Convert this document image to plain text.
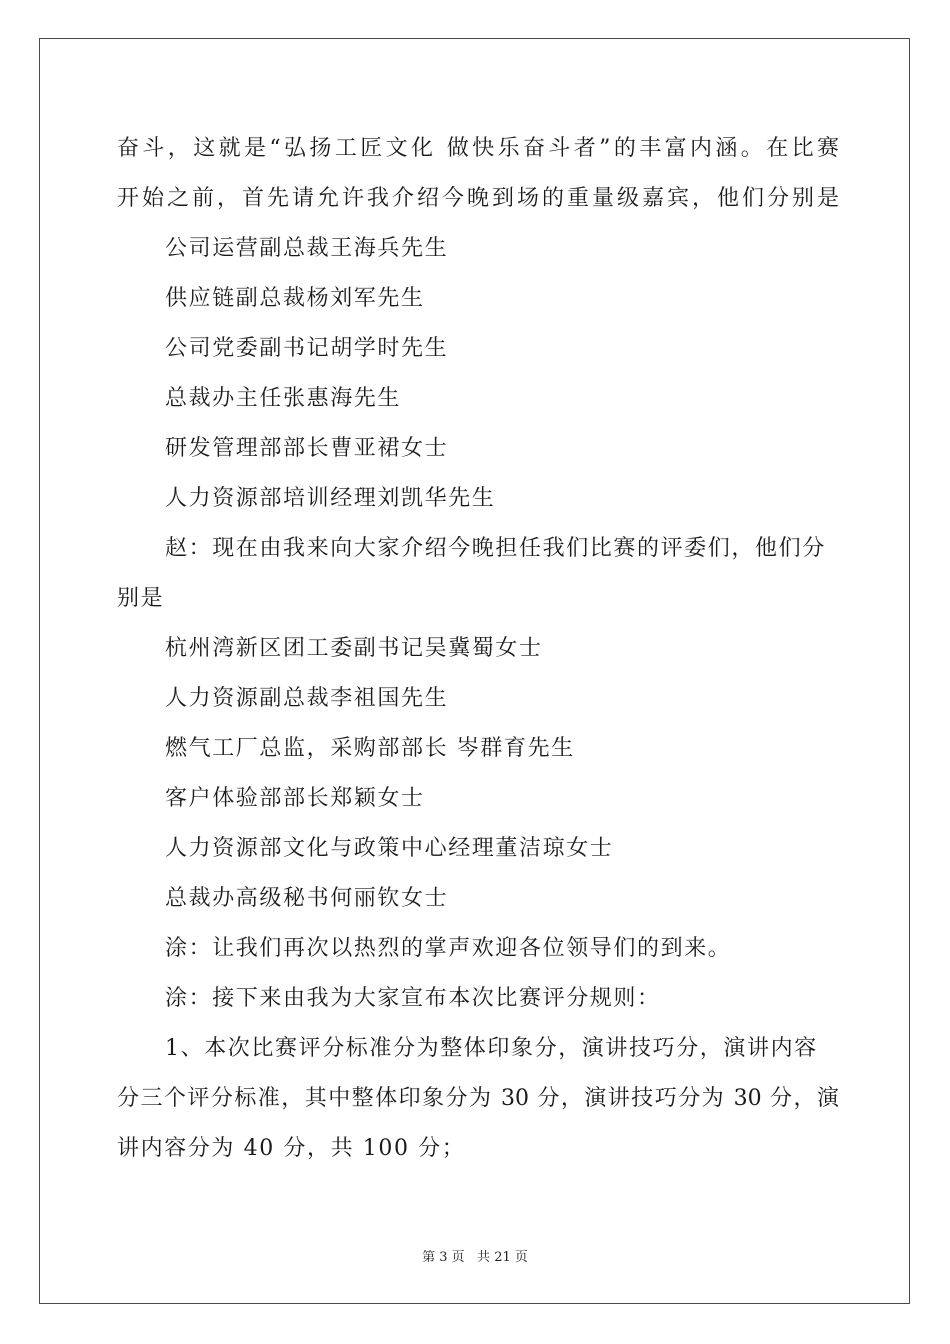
奋斗，这就是“弘扬工匠文化 做快乐奋斗者”的丰富内涵。在比赛
开始之前，首先请允许我介绍今晚到场的重量级嘉宾，他们分别是
公司运营副总裁王海兵先生
供应链副总裁杨刘军先生
公司党委副书记胡学时先生
总裁办主任张惠海先生
研发管理部部长曹亚裙女士
人力资源部培训经理刘凯华先生
赵：现在由我来向大家介绍今晚担任我们比赛的评委们，他们分
别是
杭州湾新区团工委副书记吴冀蜀女士
人力资源副总裁李祖国先生
燃气工厂总监，采购部部长 岑群育先生
客户体验部部长郑颖女士
人力资源部文化与政策中心经理董洁琼女士
总裁办高级秘书何丽钦女士
涂：让我们再次以热烈的掌声欢迎各位领导们的到来。
涂：接下来由我为大家宣布本次比赛评分规则：
1、本次比赛评分标准分为整体印象分，演讲技巧分，演讲内容
分三个评分标准，其中整体印象分为 30 分，演讲技巧分为 30 分，演
讲内容分为 40 分，共 100 分；
第 3 页   共 21 页
